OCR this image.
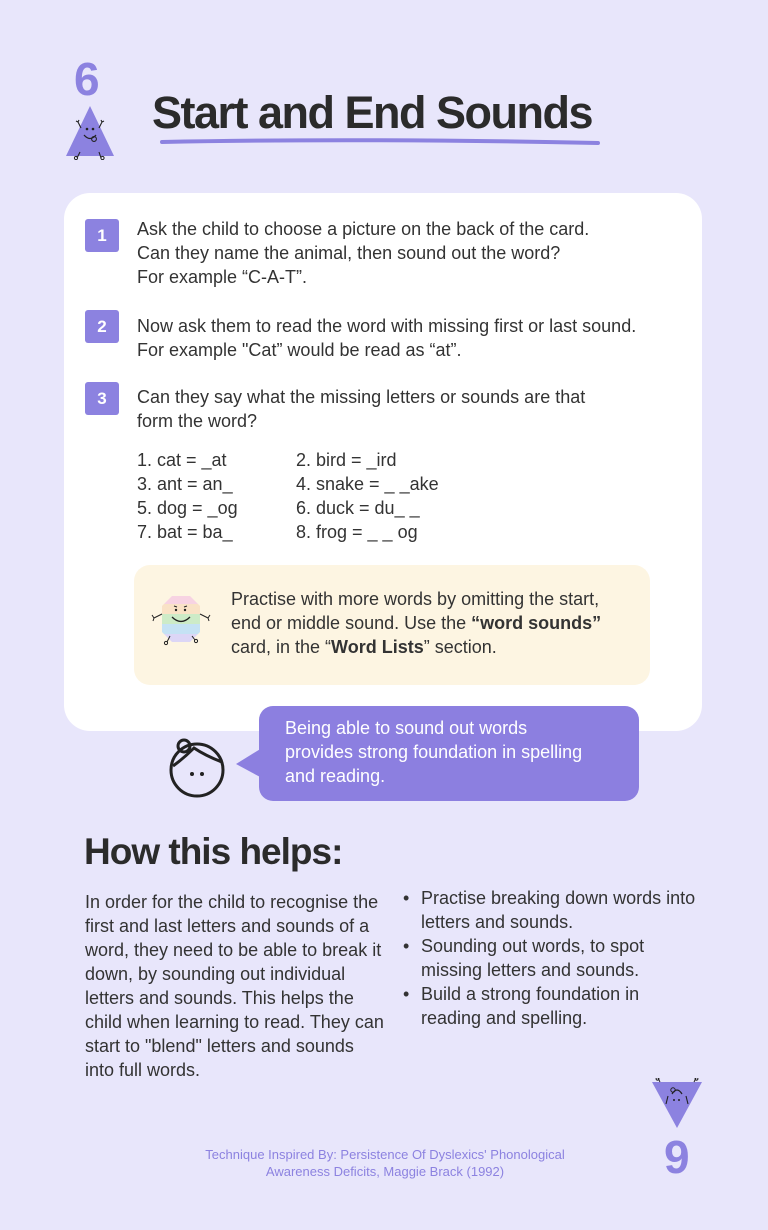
6
Start and End Sounds
1	Ask the child to choose a picture on the back of the card.
Can they name the animal, then sound out the word?
For example “C-A-T”.
2	Now ask them to read the word with missing first or last sound.
For example "Cat” would be read as “at”.
3	Can they say what the missing letters or sounds are that
form the word?
1. cat = _at
3. ant = an_
5. dog = _og
7. bat = ba_
2. bird = _ird
4. snake = _ _ake
6. duck = du_ _
8. frog = _ _ og
Practise with more words by omitting the start,
end or middle sound. Use the “word sounds”
card, in the “Word Lists” section.
Being able to sound out words
provides strong foundation in spelling
and reading.
How this helps:
In order for the child to recognise the first and last letters and sounds of a word, they need to be able to break it down, by sounding out individual letters and sounds. This helps the child when learning to read. They can start to "blend" letters and sounds into full words.
• Practise breaking down words into letters and sounds.
• Sounding out words, to spot missing letters and sounds.
• Build a strong foundation in reading and spelling.
9
Technique Inspired By: Persistence Of Dyslexics' Phonological
Awareness Deficits, Maggie Brack (1992)
